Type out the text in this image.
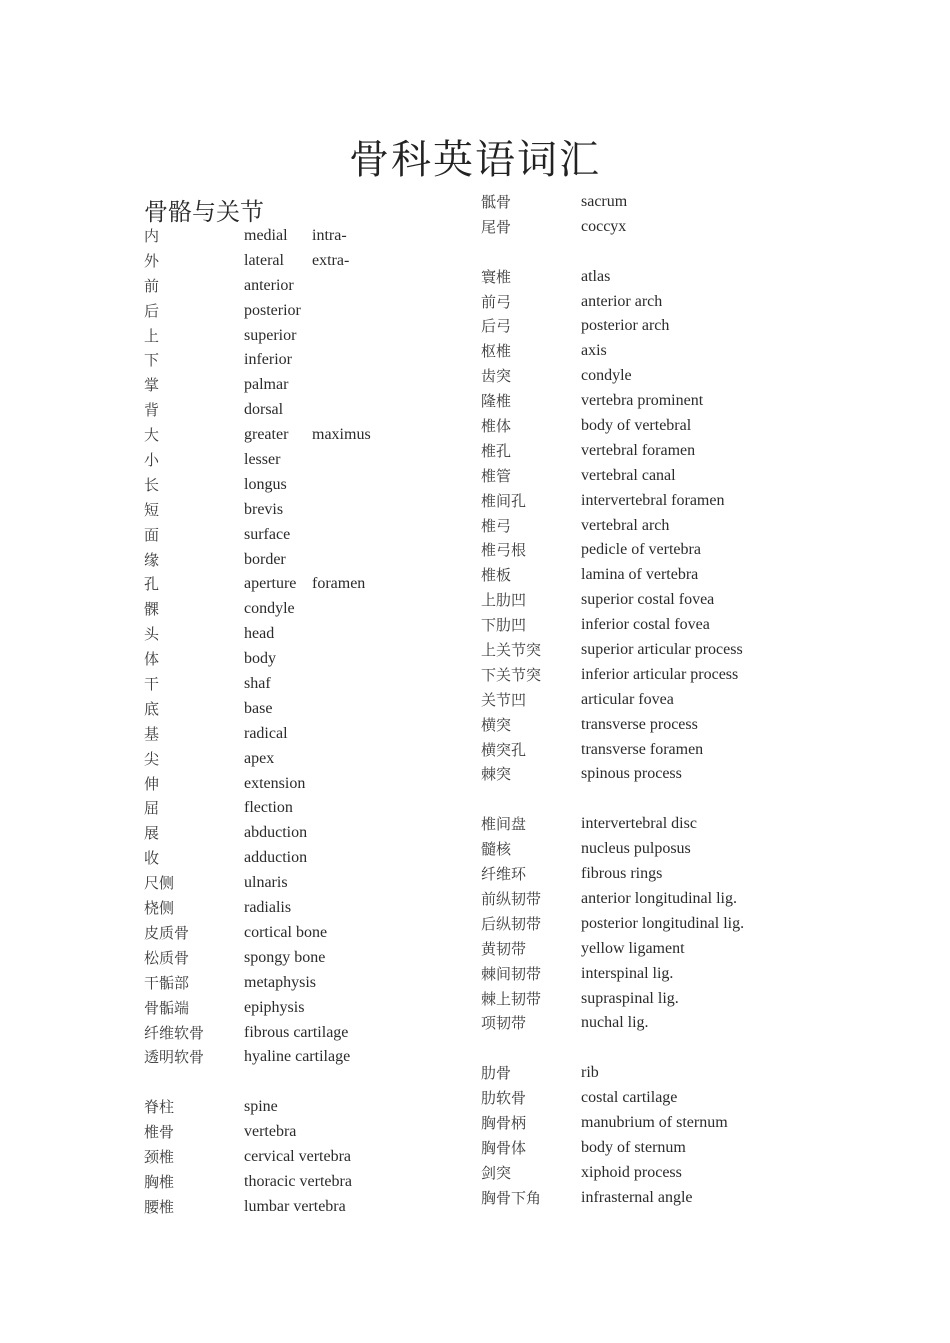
骨科英语词汇
骨骼与关节
内	medial intra-
外	lateral extra-
前	anterior
后	posterior
上	superior
下	inferior
掌	palmar
背	dorsal
大	greater maximus
小	lesser
长	longus
短	brevis
面	surface
缘	border
孔	aperture foramen
髁	condyle
头	head
体	body
干	shaf
底	base
基	radical
尖	apex
伸	extension
屈	flection
展	abduction
收	adduction
尺侧	ulnaris
桡侧	radialis
皮质骨	cortical bone
松质骨	spongy bone
干骺部	metaphysis
骨骺端	epiphysis
纤维软骨 fibrous cartilage
透明软骨 hyaline cartilage
脊柱	spine
椎骨	vertebra
颈椎	cervical vertebra
胸椎	thoracic vertebra
腰椎	lumbar vertebra
骶骨	sacrum
尾骨	coccyx
寰椎	atlas
前弓	anterior arch
后弓	posterior arch
枢椎	axis
齿突	condyle
隆椎	vertebra prominent
椎体	body of vertebral
椎孔	vertebral foramen
椎管	vertebral canal
椎间孔	intervertebral foramen
椎弓	vertebral arch
椎弓根	pedicle of vertebra
椎板	lamina of vertebra
上肋凹	superior costal fovea
下肋凹	inferior costal fovea
上关节突 superior articular process
下关节突 inferior articular process
关节凹	articular fovea
横突	transverse process
横突孔	transverse foramen
棘突	spinous process
椎间盘	intervertebral disc
髓核	nucleus pulposus
纤维环	fibrous rings
前纵韧带 anterior longitudinal lig.
后纵韧带 posterior longitudinal lig.
黄韧带	yellow ligament
棘间韧带 interspinal lig.
棘上韧带 supraspinal lig.
项韧带	nuchal lig.
肋骨	rib
肋软骨	costal cartilage
胸骨柄	manubrium of sternum
胸骨体	body of sternum
剑突	xiphoid process
胸骨下角 infrasternal angle
